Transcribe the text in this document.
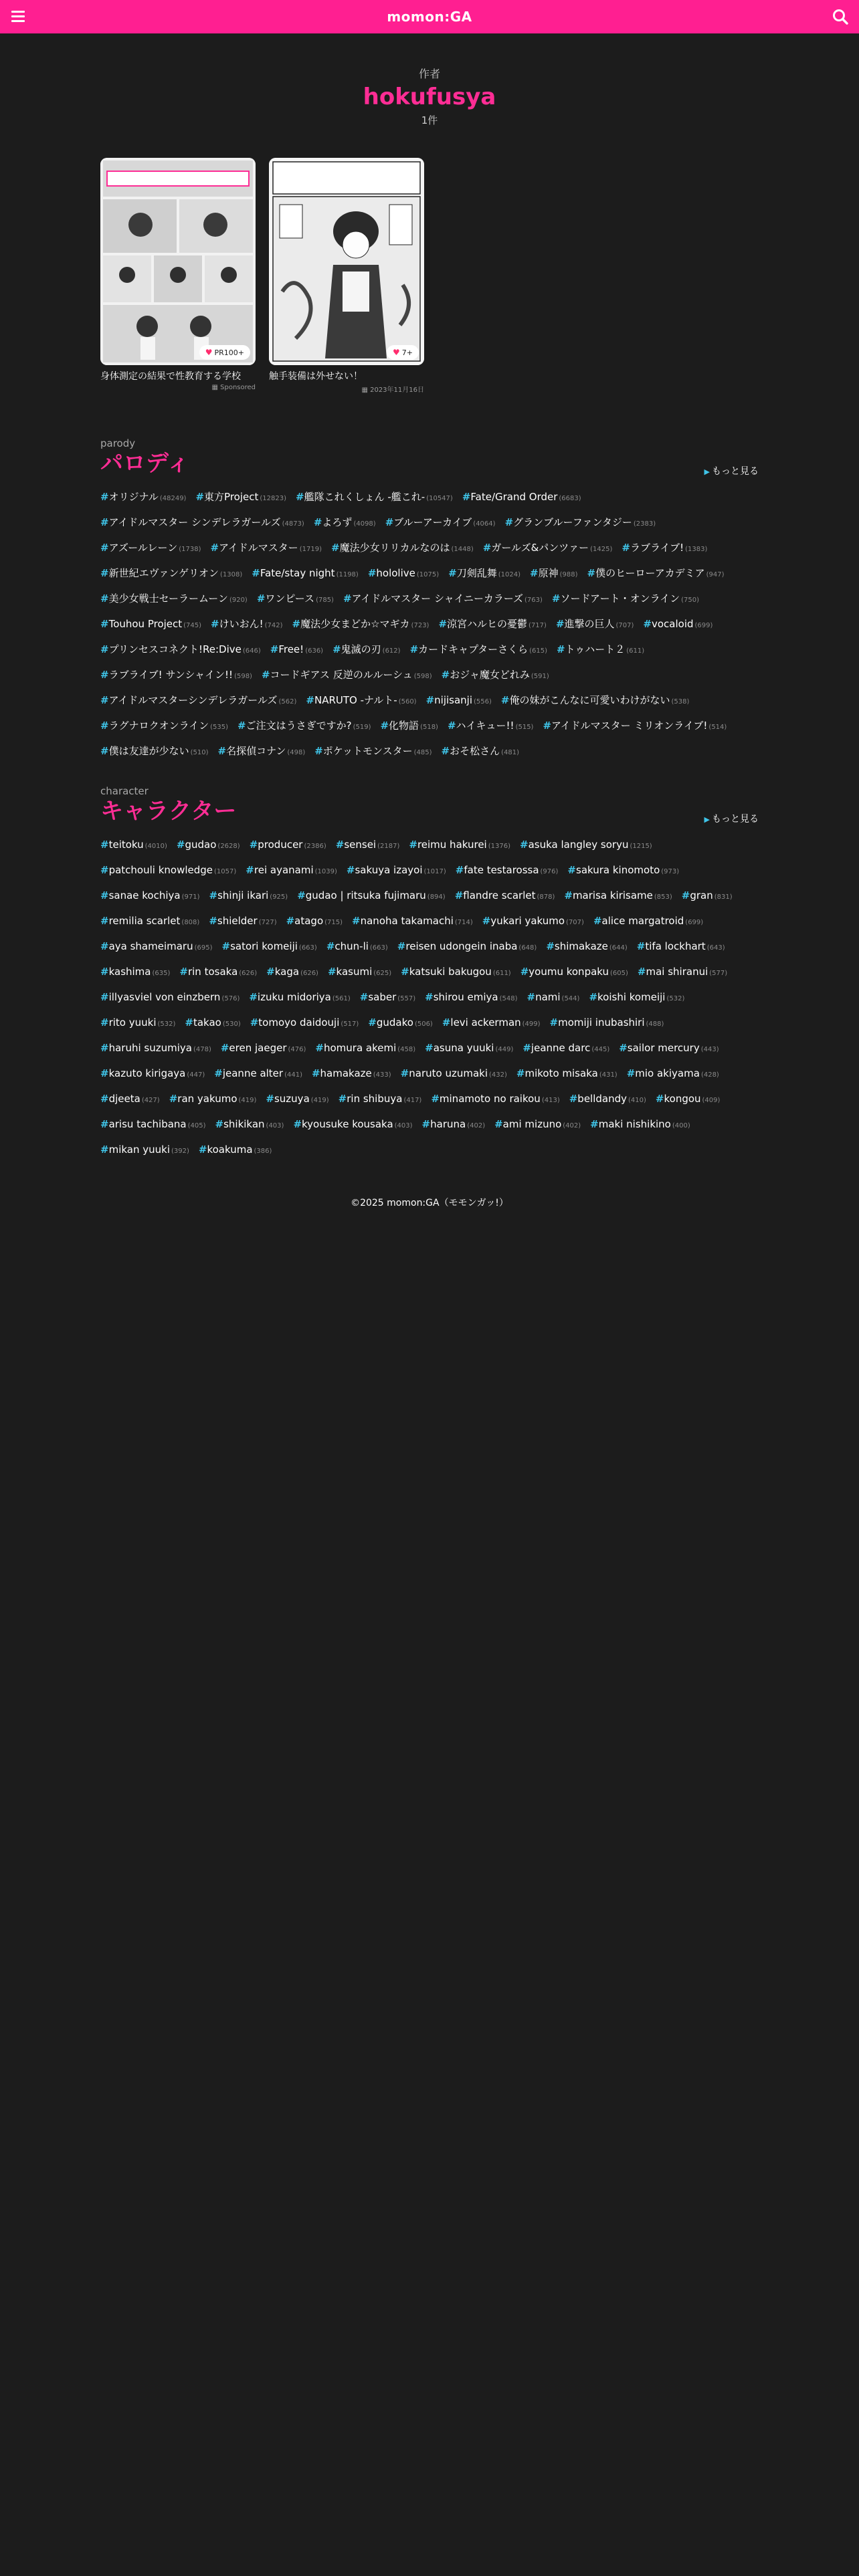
momon:GA
作者
hokufusya
1件
♥ PR100+
身体測定の結果で性教育する学校
▦ Sponsored
♥ 7+
触手装備は外せない！
▦ 2023年11月16日
parody
パロディ	▶ もっと見る
#オリジナル (48249) #東方Project (12823) #艦隊これくしょん -艦これ- (10547) #Fate/Grand Order (6683)
#アイドルマスター シンデレラガールズ (4873) #よろず (4098) #ブルーアーカイブ (4064) #グランブルーファンタジー (2383)
#アズールレーン (1738) #アイドルマスター (1719) #魔法少女リリカルなのは (1448) #ガールズ&パンツァー (1425) #ラブライブ! (1383)
#新世紀エヴァンゲリオン (1308) #Fate/stay night (1198) #hololive (1075) #刀剣乱舞 (1024) #原神 (988) #僕のヒーローアカデミア (947)
#美少女戦士セーラームーン (920) #ワンピース (785) #アイドルマスター シャイニーカラーズ (763) #ソードアート・オンライン (750)
#Touhou Project (745) #けいおん! (742) #魔法少女まどか☆マギカ (723) #涼宮ハルヒの憂鬱 (717) #進撃の巨人 (707) #vocaloid (699)
#プリンセスコネクト!Re:Dive (646) #Free! (636) #鬼滅の刃 (612) #カードキャプターさくら (615) #トゥハート２ (611)
#ラブライブ! サンシャイン!! (598) #コードギアス 反逆のルルーシュ (598) #おジャ魔女どれみ (591)
#アイドルマスターシンデレラガールズ (562) #NARUTO -ナルト- (560) #nijisanji (556) #俺の妹がこんなに可愛いわけがない (538)
#ラグナロクオンライン (535) #ご注文はうさぎですか? (519) #化物語 (518) #ハイキュー!! (515) #アイドルマスター ミリオンライブ! (514)
#僕は友達が少ない (510) #名探偵コナン (498) #ポケットモンスター (485) #おそ松さん (481)
character
キャラクター	▶ もっと見る
#teitoku (4010) #gudao (2628) #producer (2386) #sensei (2187) #reimu hakurei (1376) #asuka langley soryu (1215)
#patchouli knowledge (1057) #rei ayanami (1039) #sakuya izayoi (1017) #fate testarossa (976) #sakura kinomoto (973)
#sanae kochiya (971) #shinji ikari (925) #gudao | ritsuka fujimaru (894) #flandre scarlet (878) #marisa kirisame (853) #gran (831)
#remilia scarlet (808) #shielder (727) #atago (715) #nanoha takamachi (714) #yukari yakumo (707) #alice margatroid (699)
#aya shameimaru (695) #satori komeiji (663) #chun-li (663) #reisen udongein inaba (648) #shimakaze (644) #tifa lockhart (643)
#kashima (635) #rin tosaka (626) #kaga (626) #kasumi (625) #katsuki bakugou (611) #youmu konpaku (605) #mai shiranui (577)
#illyasviel von einzbern (576) #izuku midoriya (561) #saber (557) #shirou emiya (548) #nami (544) #koishi komeiji (532)
#rito yuuki (532) #takao (530) #tomoyo daidouji (517) #gudako (506) #levi ackerman (499) #momiji inubashiri (488)
#haruhi suzumiya (478) #eren jaeger (476) #homura akemi (458) #asuna yuuki (449) #jeanne darc (445) #sailor mercury (443)
#kazuto kirigaya (447) #jeanne alter (441) #hamakaze (433) #naruto uzumaki (432) #mikoto misaka (431) #mio akiyama (428)
#djeeta (427) #ran yakumo (419) #suzuya (419) #rin shibuya (417) #minamoto no raikou (413) #belldandy (410) #kongou (409)
#arisu tachibana (405) #shikikan (403) #kyousuke kousaka (403) #haruna (402) #ami mizuno (402) #maki nishikino (400)
#mikan yuuki (392) #koakuma (386)
©2025 momon:GA（モモンガッ!）
